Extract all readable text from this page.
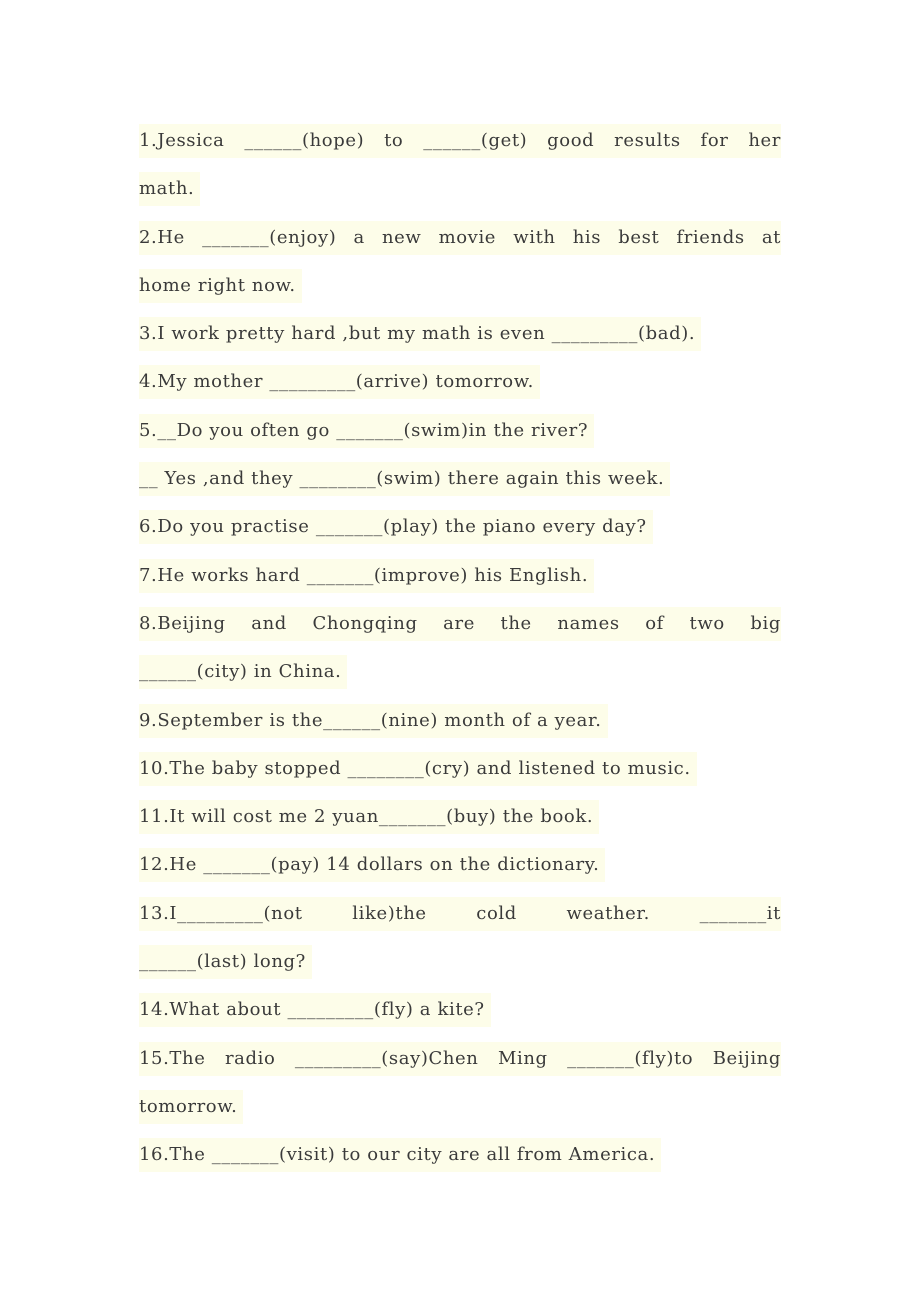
1.Jessica ______(hope) to ______(get) good results for her
math.
2.He _______(enjoy) a new movie with his best friends at
home right now.
3.I work pretty hard ,but my math is even _________(bad).
4.My mother _________(arrive) tomorrow.
5.__Do you often go _______(swim)in the river?
__ Yes ,and they ________(swim) there again this week.
6.Do you practise _______(play) the piano every day?
7.He works hard _______(improve) his English.
8.Beijing and Chongqing are the names of two big
______(city) in China.
9.September is the______(nine) month of a year.
10.The baby stopped ________(cry) and listened to music.
11.It will cost me 2 yuan_______(buy) the book.
12.He _______(pay) 14 dollars on the dictionary.
13.I_________(not like)the cold weather. _______it
______(last) long?
14.What about _________(fly) a kite?
15.The radio _________(say)Chen Ming _______(fly)to Beijing
tomorrow.
16.The _______(visit) to our city are all from America.
